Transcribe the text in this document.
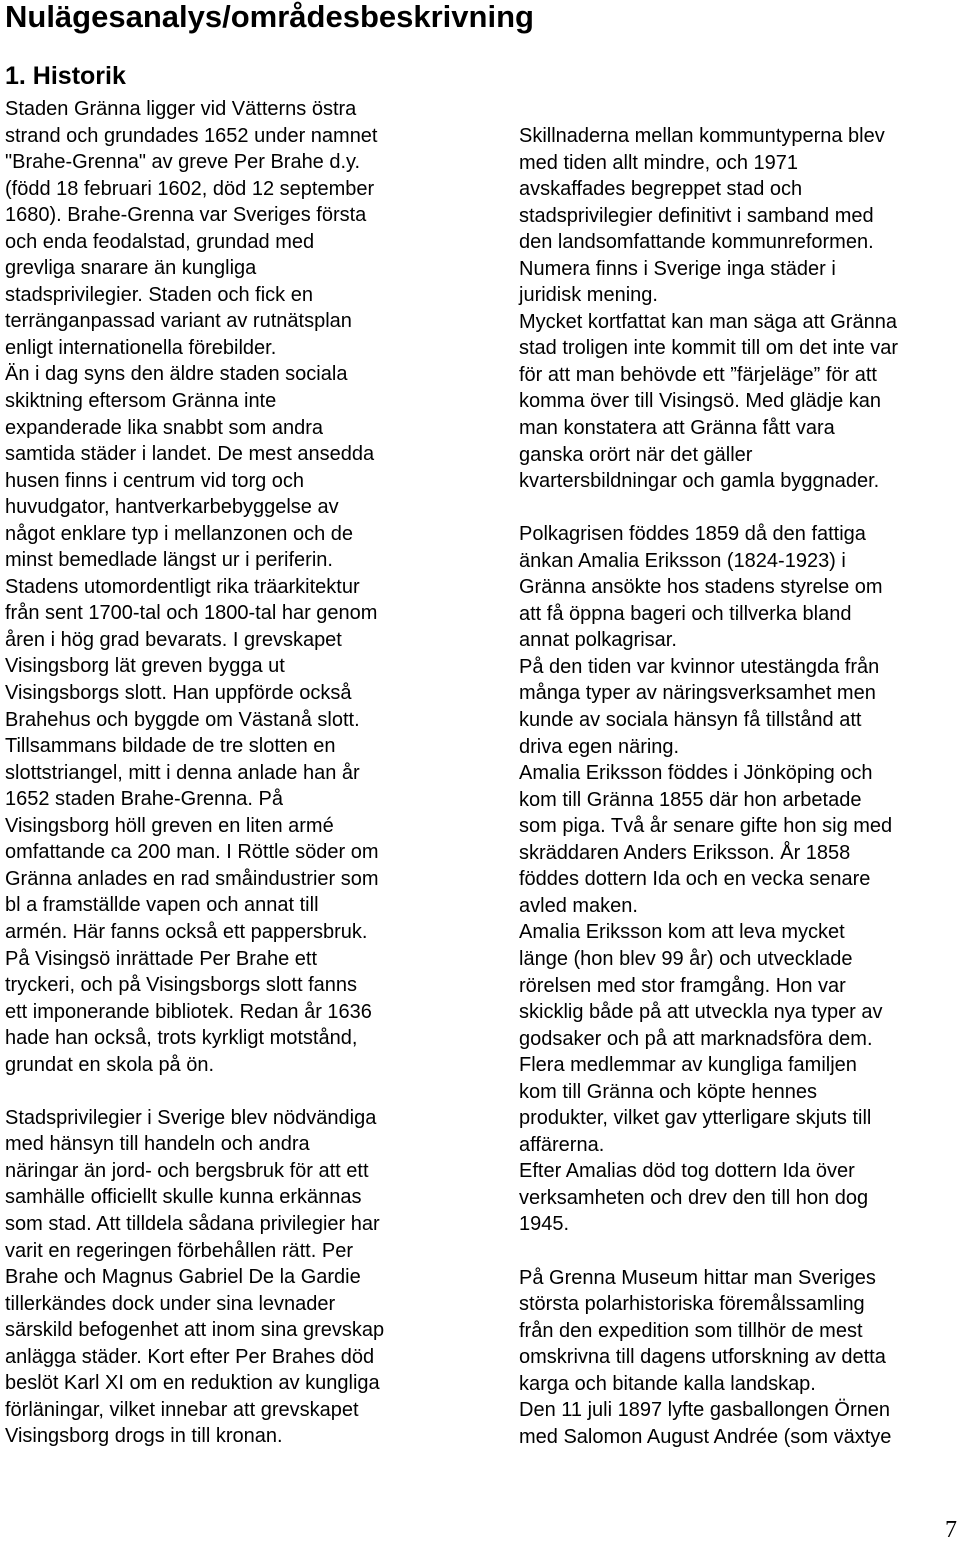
Nulägesanalys/områdesbeskrivning
1. Historik

Staden Gränna ligger vid Vätterns östra

strand och grundades 1652 under namnet

"Brahe-Grenna" av greve Per Brahe d.y.

(född 18 februari 1602, död 12 september

1680). Brahe-Grenna var Sveriges första

och enda feodalstad, grundad med

grevliga snarare än kungliga

stadsprivilegier. Staden och fick en

terränganpassad variant av rutnätsplan

enligt internationella förebilder.

Än i dag syns den äldre staden sociala

skiktning eftersom Gränna inte

expanderade lika snabbt som andra

samtida städer i landet. De mest ansedda

husen finns i centrum vid torg och

huvudgator, hantverkarbebyggelse av

något enklare typ i mellanzonen och de

minst bemedlade längst ur i periferin.

Stadens utomordentligt rika träarkitektur

från sent 1700-tal och 1800-tal har genom

åren i hög grad bevarats. I grevskapet

Visingsborg lät greven bygga ut

Visingsborgs slott. Han uppförde också

Brahehus och byggde om Västanå slott.

Tillsammans bildade de tre slotten en

slottstriangel, mitt i denna anlade han år

1652 staden Brahe-Grenna. På

Visingsborg höll greven en liten armé

omfattande ca 200 man. I Röttle söder om

Gränna anlades en rad småindustrier som

bl a framställde vapen och annat till

armén. Här fanns också ett pappersbruk.

På Visingsö inrättade Per Brahe ett

tryckeri, och på Visingsborgs slott fanns

ett imponerande bibliotek. Redan år 1636

hade han också, trots kyrkligt motstånd,

grundat en skola på ön.

Stadsprivilegier i Sverige blev nödvändiga

med hänsyn till handeln och andra

näringar än jord- och bergsbruk för att ett

samhälle officiellt skulle kunna erkännas

som stad. Att tilldela sådana privilegier har

varit en regeringen förbehållen rätt. Per

Brahe och Magnus Gabriel De la Gardie

tillerkändes dock under sina levnader

särskild befogenhet att inom sina grevskap

anlägga städer. Kort efter Per Brahes död

beslöt Karl XI om en reduktion av kungliga

förläningar, vilket innebar att grevskapet

Visingsborg drogs in till kronan.

Skillnaderna mellan kommuntyperna blev

med tiden allt mindre, och 1971

avskaffades begreppet stad och

stadsprivilegier definitivt i samband med

den landsomfattande kommunreformen.

Numera finns i Sverige inga städer i

juridisk mening.

Mycket kortfattat kan man säga att Gränna

stad troligen inte kommit till om det inte var

för att man behövde ett ”färjeläge” för att

komma över till Visingsö. Med glädje kan

man konstatera att Gränna fått vara

ganska orört när det gäller

kvartersbildningar och gamla byggnader.

Polkagrisen föddes 1859 då den fattiga

änkan Amalia Eriksson (1824-1923) i

Gränna ansökte hos stadens styrelse om

att få öppna bageri och tillverka bland

annat polkagrisar.

På den tiden var kvinnor utestängda från

många typer av näringsverksamhet men

kunde av sociala hänsyn få tillstånd att

driva egen näring.

Amalia Eriksson föddes i Jönköping och

kom till Gränna 1855 där hon arbetade

som piga. Två år senare gifte hon sig med

skräddaren Anders Eriksson. År 1858

föddes dottern Ida och en vecka senare

avled maken.

Amalia Eriksson kom att leva mycket

länge (hon blev 99 år) och utvecklade

rörelsen med stor framgång. Hon var

skicklig både på att utveckla nya typer av

godsaker och på att marknadsföra dem.

Flera medlemmar av kungliga familjen

kom till Gränna och köpte hennes

produkter, vilket gav ytterligare skjuts till

affärerna.

Efter Amalias död tog dottern Ida över

verksamheten och drev den till hon dog

1945.

På Grenna Museum hittar man Sveriges

största polarhistoriska föremålssamling

från den expedition som tillhör de mest

omskrivna till dagens utforskning av detta

karga och bitande kalla landskap.

Den 11 juli 1897 lyfte gasballongen Örnen

med Salomon August Andrée (som växtye

7
